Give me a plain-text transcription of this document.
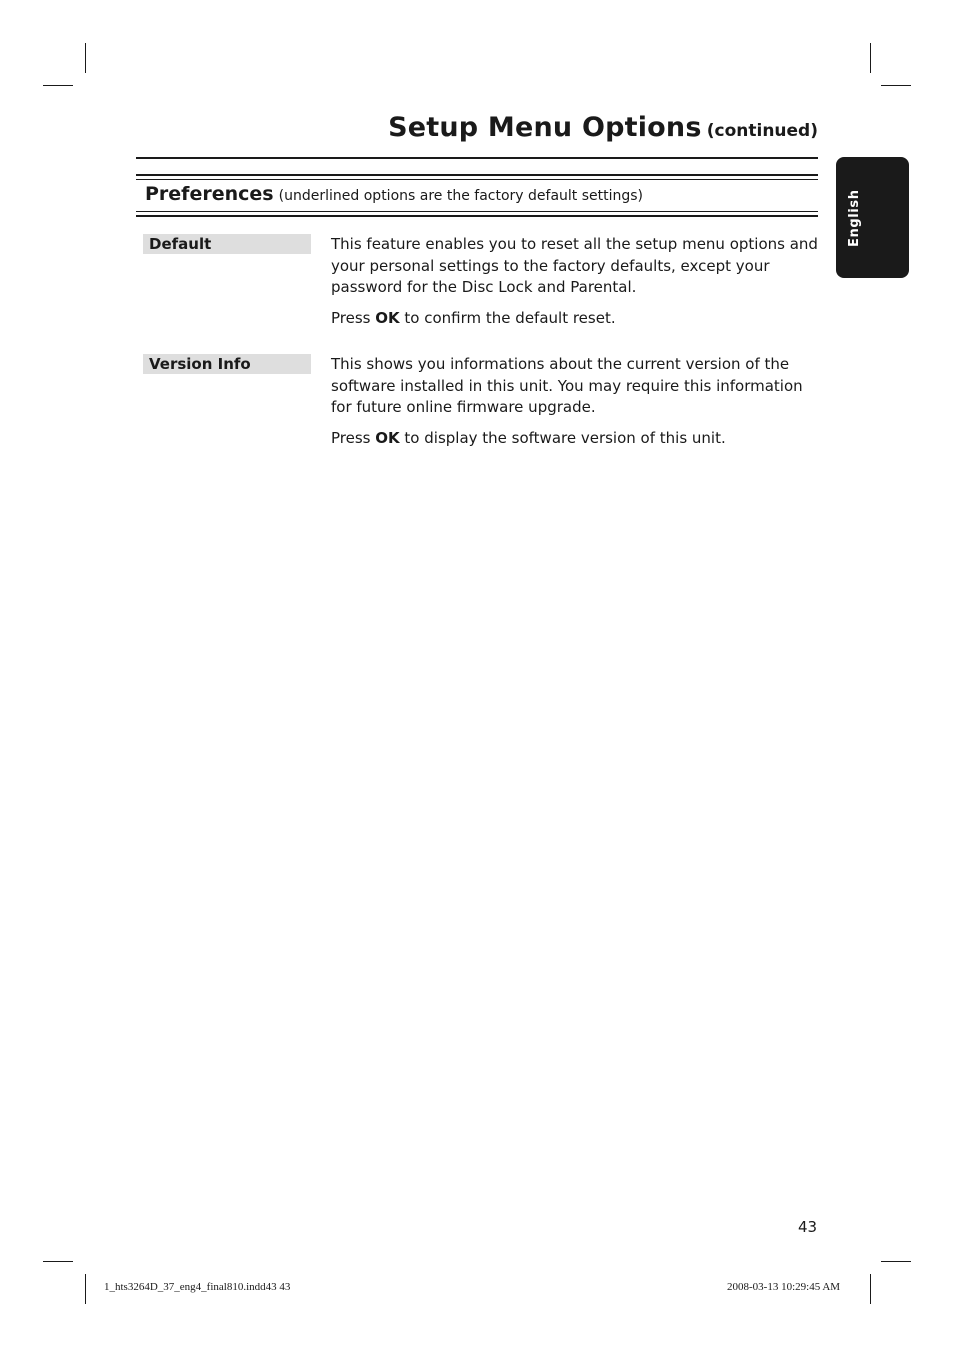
Setup Menu Options (continued)
Preferences (underlined options are the factory default settings)
Default	This feature enables you to reset all the setup menu options and your personal settings to the factory defaults, except your password for the Disc Lock and Parental.

Press OK to confirm the default reset.

Version Info	This shows you informations about the current version of the software installed in this unit. You may require this information for future online firmware upgrade.

Press OK to display the software version of this unit.

English
43
1_hts3264D_37_eng4_final810.indd43 43	2008-03-13 10:29:45 AM
